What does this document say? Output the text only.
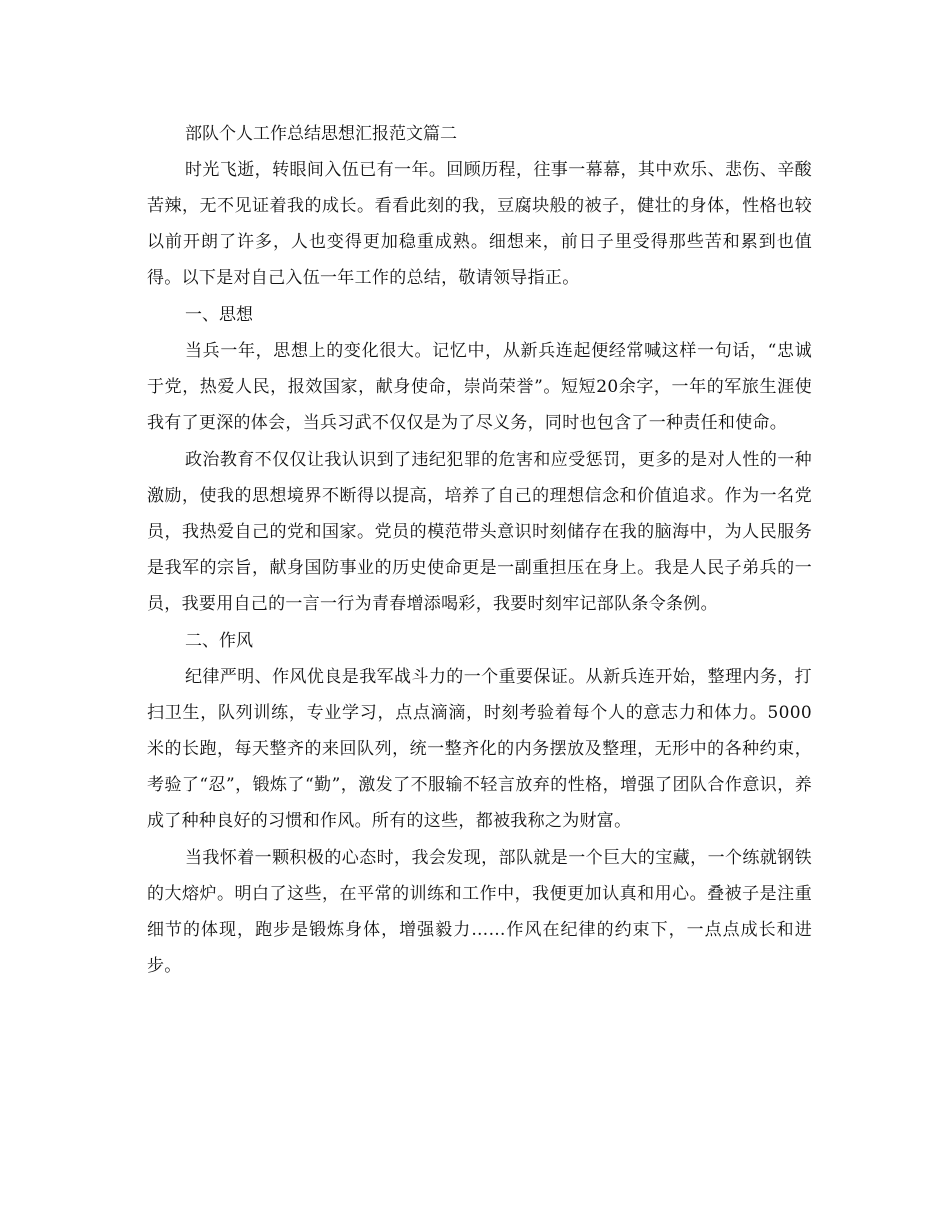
部队个人工作总结思想汇报范文篇二

时光飞逝，转眼间入伍已有一年。回顾历程，往事一幕幕，其中欢乐、悲伤、辛酸苦辣，无不见证着我的成长。看看此刻的我，豆腐块般的被子，健壮的身体，性格也较以前开朗了许多，人也变得更加稳重成熟。细想来，前日子里受得那些苦和累到也值得。以下是对自己入伍一年工作的总结，敬请领导指正。

一、思想

当兵一年，思想上的变化很大。记忆中，从新兵连起便经常喊这样一句话，“忠诚于党，热爱人民，报效国家，献身使命，崇尚荣誉”。短短20余字，一年的军旅生涯使我有了更深的体会，当兵习武不仅仅是为了尽义务，同时也包含了一种责任和使命。

政治教育不仅仅让我认识到了违纪犯罪的危害和应受惩罚，更多的是对人性的一种激励，使我的思想境界不断得以提高，培养了自己的理想信念和价值追求。作为一名党员，我热爱自己的党和国家。党员的模范带头意识时刻储存在我的脑海中，为人民服务是我军的宗旨，献身国防事业的历史使命更是一副重担压在身上。我是人民子弟兵的一员，我要用自己的一言一行为青春增添喝彩，我要时刻牢记部队条令条例。

二、作风

纪律严明、作风优良是我军战斗力的一个重要保证。从新兵连开始，整理内务，打扫卫生，队列训练，专业学习，点点滴滴，时刻考验着每个人的意志力和体力。5000米的长跑，每天整齐的来回队列，统一整齐化的内务摆放及整理，无形中的各种约束，考验了“忍”，锻炼了“勤”，激发了不服输不轻言放弃的性格，增强了团队合作意识，养成了种种良好的习惯和作风。所有的这些，都被我称之为财富。

当我怀着一颗积极的心态时，我会发现，部队就是一个巨大的宝藏，一个练就钢铁的大熔炉。明白了这些，在平常的训练和工作中，我便更加认真和用心。叠被子是注重细节的体现，跑步是锻炼身体，增强毅力……作风在纪律的约束下，一点点成长和进步。
